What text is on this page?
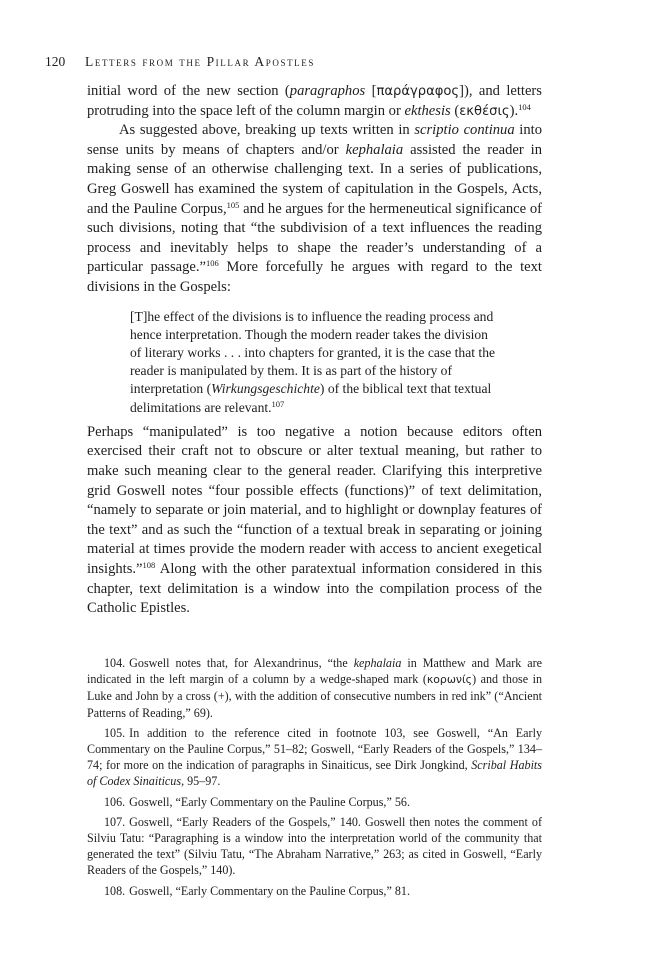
120 Letters from the Pillar Apostles

initial word of the new section (paragraphos [παράγραφος]), and letters protruding into the space left of the column margin or ekthesis (εκθέσις).$^{104}$

As suggested above, breaking up texts written in scriptio continua into sense units by means of chapters and/or kephalaia assisted the reader in making sense of an otherwise challenging text. In a series of publications, Greg Goswell has examined the system of capitulation in the Gospels, Acts, and the Pauline Corpus,$^{105}$ and he argues for the hermeneutical significance of such divisions, noting that “the subdivision of a text influences the reading process and inevitably helps to shape the reader’s understanding of a particular passage.”$^{106}$ More forcefully he argues with regard to the text divisions in the Gospels:

[T]he effect of the divisions is to influence the reading process and hence interpretation. Though the modern reader takes the division of literary works . . . into chapters for granted, it is the case that the reader is manipulated by them. It is as part of the history of interpretation (Wirkungsgeschichte) of the biblical text that textual delimitations are relevant.$^{107}$

Perhaps “manipulated” is too negative a notion because editors often exercised their craft not to obscure or alter textual meaning, but rather to make such meaning clear to the general reader. Clarifying this interpretive grid Goswell notes “four possible effects (functions)” of text delimitation, “namely to separate or join material, and to highlight or downplay features of the text” and as such the “function of a textual break in separating or joining material at times provide the modern reader with access to ancient exegetical insights.”$^{108}$ Along with the other paratextual information considered in this chapter, text delimitation is a window into the compilation process of the Catholic Epistles.

104. Goswell notes that, for Alexandrinus, “the kephalaia in Matthew and Mark are indicated in the left margin of a column by a wedge-shaped mark (κορωνίς) and those in Luke and John by a cross (+), with the addition of consecutive numbers in red ink” (“Ancient Patterns of Reading,” 69).

105. In addition to the reference cited in footnote 103, see Goswell, “An Early Commentary on the Pauline Corpus,” 51–82; Goswell, “Early Readers of the Gospels,” 134–74; for more on the indication of paragraphs in Sinaiticus, see Dirk Jongkind, Scribal Habits of Codex Sinaiticus, 95–97.

106. Goswell, “Early Commentary on the Pauline Corpus,” 56.

107. Goswell, “Early Readers of the Gospels,” 140. Goswell then notes the comment of Silviu Tatu: “Paragraphing is a window into the interpretation world of the community that generated the text” (Silviu Tatu, “The Abraham Narrative,” 263; as cited in Goswell, “Early Readers of the Gospels,” 140).

108. Goswell, “Early Commentary on the Pauline Corpus,” 81.
